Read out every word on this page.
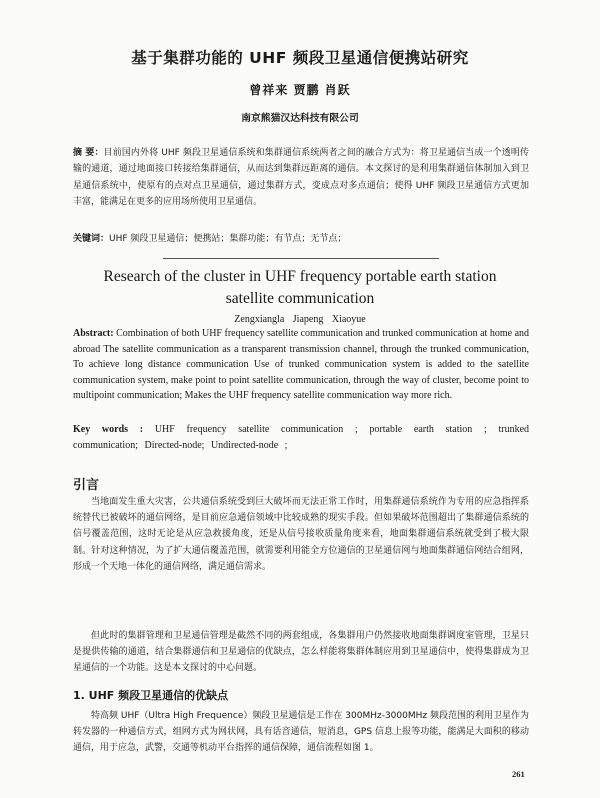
基于集群功能的 UHF 频段卫星通信便携站研究
曾祥来 贾鹏 肖跃
南京熊猫汉达科技有限公司
摘 要：目前国内外将 UHF 频段卫星通信系统和集群通信系统两者之间的融合方式为：将卫星通信当成一个透明传输的通道，通过地面接口转接给集群通信，从而达到集群远距离的通信。本文探讨的是利用集群通信体制加入到卫星通信系统中，使原有的点对点卫星通信，通过集群方式，变成点对多点通信；使得 UHF 频段卫星通信方式更加丰富，能满足在更多的应用场所使用卫星通信。
关键词：UHF 频段卫星通信；便携站；集群功能；有节点；无节点；
Research of the cluster in UHF frequency portable earth station satellite communication
Zengxiangla Jiapeng Xiaoyue
Abstract: Combination of both UHF frequency satellite communication and trunked communication at home and abroad The satellite communication as a transparent transmission channel, through the trunked communication, To achieve long distance communication Use of trunked communication system is added to the satellite communication system, make point to point satellite communication, through the way of cluster, become point to multipoint communication; Makes the UHF frequency satellite communication way more rich.
Key words : UHF frequency satellite communication ; portable earth station ; trunked communication; Directed-node; Undirected-node ;
引言
当地面发生重大灾害，公共通信系统受到巨大破坏而无法正常工作时，用集群通信系统作为专用的应急指挥系统替代已被破坏的通信网络，是目前应急通信领域中比较成熟的现实手段。但如果破坏范围超出了集群通信系统的信号覆盖范围，这时无论是从应急救援角度，还是从信号接收质量角度来看，地面集群通信系统就受到了极大限制。针对这种情况，为了扩大通信覆盖范围，就需要利用能全方位通信的卫星通信网与地面集群通信网结合组网，形成一个天地一体化的通信网络，满足通信需求。
但此时的集群管理和卫星通信管理是截然不同的两套组成，各集群用户仍然接收地面集群调度室管理，卫星只是提供传输的通道，结合集群通信和卫星通信的优缺点，怎么样能将集群体制应用到卫星通信中，使得集群成为卫星通信的一个功能。这是本文探讨的中心问题。
1. UHF 频段卫星通信的优缺点
特高频 UHF（Ultra High Frequence）频段卫星通信是工作在 300MHz-3000MHz 频段范围的利用卫星作为转发器的一种通信方式，组网方式为网状网，具有话音通信，短消息，GPS 信息上报等功能，能满足大面积的移动通信，用于应急，武警，交通等机动平台指挥的通信保障，通信流程如图 1。
261
